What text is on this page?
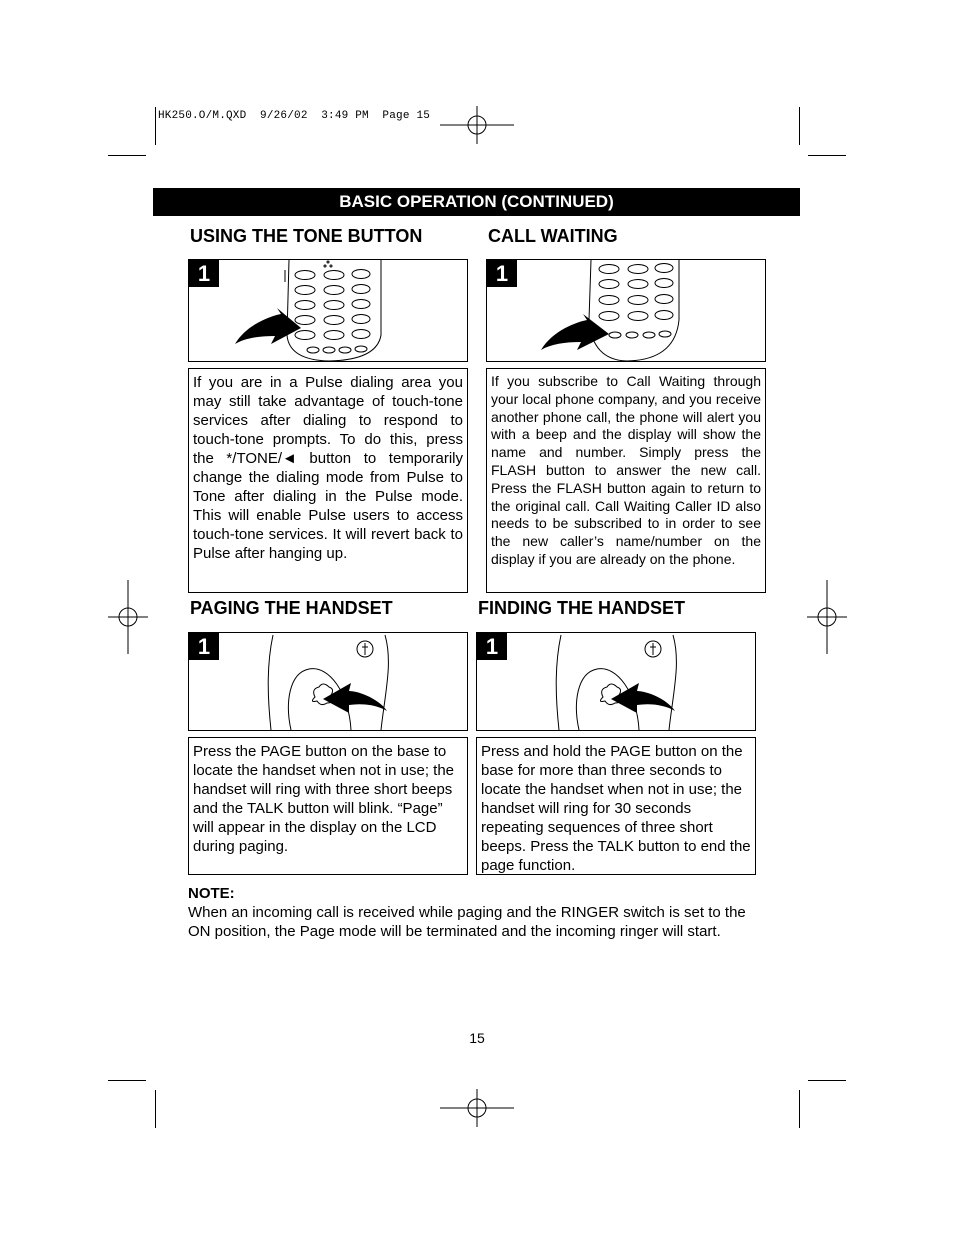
HK250.O/M.QXD  9/26/02  3:49 PM  Page 15
BASIC OPERATION (CONTINUED)
USING THE TONE BUTTON
1
If you are in a Pulse dialing area you may still take advantage of touch-tone services after dialing to respond to touch-tone prompts. To do this, press the */TONE/◄ button to temporarily change the dialing mode from Pulse to Tone after dialing in the Pulse mode. This will enable Pulse users to access touch-tone services. It will revert back to Pulse after hanging up.
CALL WAITING
1
If you subscribe to Call Waiting through your local phone company, and you receive another phone call, the phone will alert you with a beep and the display will show the name and number. Simply press the FLASH button to answer the new call. Press the FLASH button again to return to the original call. Call Waiting Caller ID also needs to be subscribed to in order to see the new caller’s name/number on the display if you are already on the phone.
PAGING THE HANDSET
1
Press the PAGE button on the base to locate the handset when not in use; the handset will ring with three short beeps and the TALK button will blink. “Page” will appear in the display on the LCD during paging.
FINDING THE HANDSET
1
Press and hold the PAGE button on the base for more than three seconds to locate the handset when not in use; the handset will ring for 30 seconds repeating sequences of three short beeps. Press the TALK button to end the page function.
NOTE:
When an incoming call is received while paging and the RINGER switch is set to the ON position, the Page mode will be terminated and the incoming ringer will start.
15
